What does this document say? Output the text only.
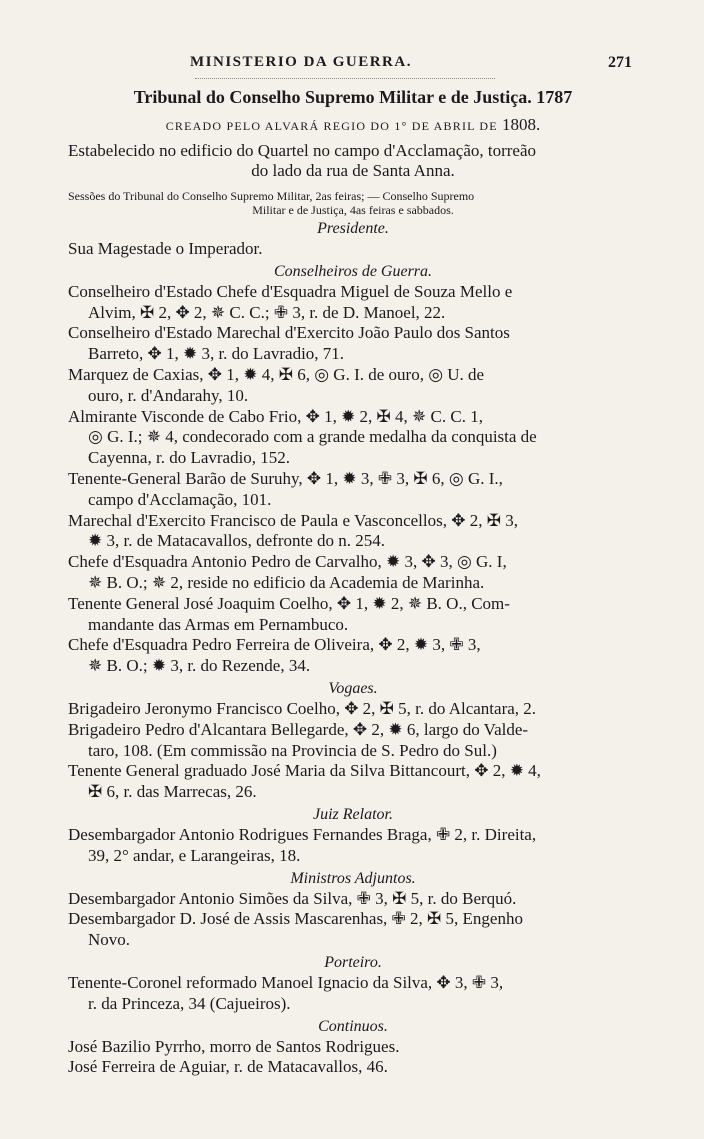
MINISTERIO DA GUERRA.	271
Tribunal do Conselho Supremo Militar e de Justiça. 1787
CREADO PELO ALVARÁ REGIO DO 1° DE ABRIL DE 1808.
Estabelecido no edificio do Quartel no campo d'Acclamação, torreão
do lado da rua de Santa Anna.
Sessões do Tribunal do Conselho Supremo Militar, 2as feiras; — Conselho Supremo
Militar e de Justiça, 4as feiras e sabbados.
Presidente.
Sua Magestade o Imperador.
Conselheiros de Guerra.
Conselheiro d'Estado Chefe d'Esquadra Miguel de Souza Mello e
Alvim, ✠ 2, ✥ 2, ✵ C. C.; ✙ 3, r. de D. Manoel, 22.
Conselheiro d'Estado Marechal d'Exercito João Paulo dos Santos
Barreto, ✥ 1, ✹ 3, r. do Lavradio, 71.
Marquez de Caxias, ✥ 1, ✹ 4, ✠ 6, ◎ G. I. de ouro, ◎ U. de
ouro, r. d'Andarahy, 10.
Almirante Visconde de Cabo Frio, ✥ 1, ✹ 2, ✠ 4, ✵ C. C. 1,
◎ G. I.; ✵ 4, condecorado com a grande medalha da conquista de
Cayenna, r. do Lavradio, 152.
Tenente-General Barão de Suruhy, ✥ 1, ✹ 3, ✙ 3, ✠ 6, ◎ G. I.,
campo d'Acclamação, 101.
Marechal d'Exercito Francisco de Paula e Vasconcellos, ✥ 2, ✠ 3,
✹ 3, r. de Matacavallos, defronte do n. 254.
Chefe d'Esquadra Antonio Pedro de Carvalho, ✹ 3, ✥ 3, ◎ G. I,
✵ B. O.; ✵ 2, reside no edificio da Academia de Marinha.
Tenente General José Joaquim Coelho, ✥ 1, ✹ 2, ✵ B. O., Com-
mandante das Armas em Pernambuco.
Chefe d'Esquadra Pedro Ferreira de Oliveira, ✥ 2, ✹ 3, ✙ 3,
✵ B. O.; ✹ 3, r. do Rezende, 34.
Vogaes.
Brigadeiro Jeronymo Francisco Coelho, ✥ 2, ✠ 5, r. do Alcantara, 2.
Brigadeiro Pedro d'Alcantara Bellegarde, ✥ 2, ✹ 6, largo do Valde-
taro, 108. (Em commissão na Provincia de S. Pedro do Sul.)
Tenente General graduado José Maria da Silva Bittancourt, ✥ 2, ✹ 4,
✠ 6, r. das Marrecas, 26.
Juiz Relator.
Desembargador Antonio Rodrigues Fernandes Braga, ✙ 2, r. Direita,
39, 2° andar, e Larangeiras, 18.
Ministros Adjuntos.
Desembargador Antonio Simões da Silva, ✙ 3, ✠ 5, r. do Berquó.
Desembargador D. José de Assis Mascarenhas, ✙ 2, ✠ 5, Engenho
Novo.
Porteiro.
Tenente-Coronel reformado Manoel Ignacio da Silva, ✥ 3, ✙ 3,
r. da Princeza, 34 (Cajueiros).
Continuos.
José Bazilio Pyrrho, morro de Santos Rodrigues.
José Ferreira de Aguiar, r. de Matacavallos, 46.
